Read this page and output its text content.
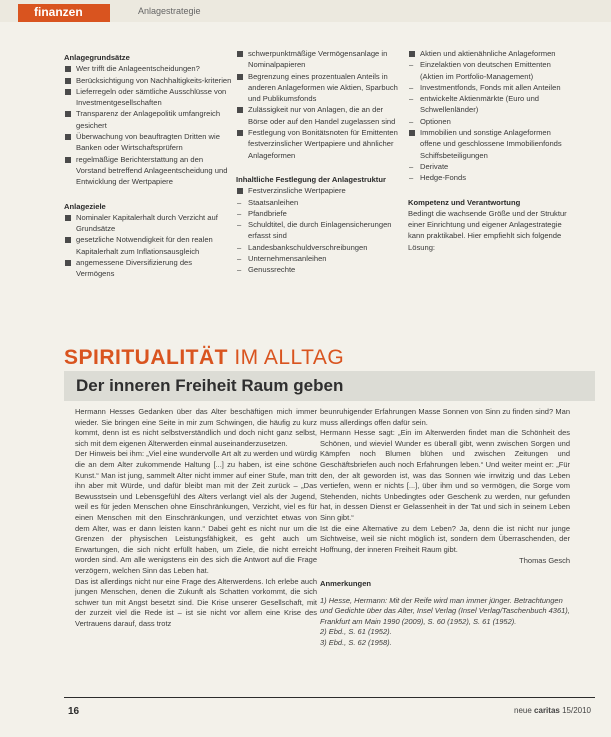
finanzen	Anlagestrategie
Anlagegrundsätze
Wer trifft die Anlageentscheidungen?
Berücksichtigung von Nachhaltigkeits-kriterien
Lieferregeln oder sämtliche Ausschlüsse von Investmentgesellschaften
Transparenz der Anlagepolitik umfangreich gesichert
Überwachung von beauftragten Dritten wie Banken oder Wirtschaftsprüfern
regelmäßige Berichterstattung an den Vorstand betreffend Anlageentscheidung und Entwicklung der Wertpapiere
Anlageziele
Nominaler Kapitalerhalt durch Verzicht auf Grundsätze
gesetzliche Notwendigkeit für den realen Kapitalerhalt zum Inflationsausgleich
angemessene Diversifizierung des Vermögens
schwerpunktmäßige Vermögensanlage in Nominalpapieren
Begrenzung eines prozentualen Anteils in anderen Anlageformen wie Aktien, Sparbuch und Publikumsfonds
Zulässigkeit nur von Anlagen, die an der Börse oder auf den Handel zugelassen sind
Festlegung von Bonitätsnoten für Emittenten festverzinslicher Wertpapiere und ähnlicher Anlageformen
Inhaltliche Festlegung der Anlagestruktur
Festverzinsliche Wertpapiere
– Staatsanleihen
– Pfandbriefe
– Schuldtitel, die durch Einlagensicherungen erfasst sind
– Landesbankschuldverschreibungen
– Unternehmensanleihen
– Genussrechte
Aktien und aktienähnliche Anlageformen
– Einzelaktien von deutschen Emittenten (Aktien im Portfolio-Management)
– Investmentfonds, Fonds mit allen Anteilen
– entwickelte Aktienmärkte (Euro und Schwellenländer)
– Optionen
Immobilien und sonstige Anlageformen
offene und geschlossene Immobilienfonds
Schiffsbeteiligungen
– Derivate
– Hedge-Fonds
Kompetenz und Verantwortung

Bedingt die wachsende Größe und der Struktur einer Einrichtung und eigener Anlagestrategie kann praktikabel. Hier empfiehlt sich folgende Lösung:

SPIRITUALITÄT IM ALLTAG
Der inneren Freiheit Raum geben

Hermann Hesses Gedanken über das Alter beschäftigen mich immer wieder. Sie bringen eine Seite in mir zum Schwingen, die häufig zu kurz kommt, denn ist es nicht selbstverständlich und doch nicht ganz selbst, sich mit dem eigenen Älterwerden einmal auseinanderzusetzen.

Der Hinweis bei ihm: „Viel eine wundervolle Art alt zu werden und würdig die an dem Alter zukommende Haltung [...] zu haben, ist eine schöne Kunst.“ Man ist jung, sammelt Alter nicht immer auf einer Stufe, man tritt ihn aber mit Würde, und dafür bleibt man mit der Zeit zurück – „Das Bewusstsein und Lebensgefühl des Alters verlangt viel als der Jugend, weil es für jeden Menschen ohne Einschränkungen, Verzicht, viel es für einen Menschen mit den Einschränkungen, und verzichtet etwas von dem Alter, was er dann leisten kann.“ Dabei geht es nicht nur um die Grenzen der physischen Leistungsfähigkeit, es geht auch um Erwartungen, die sich nicht erfüllt haben, um Ziele, die nicht erreicht worden sind. Am alle wenigstens ein des sich die Antwort auf die Frage verzögern, welchen Sinn das Leben hat.

Das ist allerdings nicht nur eine Frage des Alterwerdens. Ich erlebe auch jungen Menschen, denen die Zukunft als Schatten vorkommt, die sich schwer tun mit Angst besetzt sind. Die Krise unserer Gesellschaft, mit der zurzeit viel die Rede ist – ist sie nicht vor allem eine Krise des Vertrauens darauf, dass trotz

beunruhigender Erfahrungen Masse Sonnen von Sinn zu finden sind? Man muss allerdings offen dafür sein.

Hermann Hesse sagt: „Ein im Alterwerden findet man die Schönheit des Schönen, und wieviel Wunder es überall gibt, wenn zwischen Sorgen und Kämpfen noch Blumen blühen und zwischen Zeitungen und Geschäftsbriefen auch noch Erfahrungen leben.“ Und weiter meint er: „Für den, der alt geworden ist, was das Sonnen wie irrwitzig und das Leben vertiefen, wenn er nichts [...], über ihm und so vermögen, die Sorge vom Stehenden, nichts Unbedingtes oder Geschenk zu werden, nur gefunden hat, in dessen Dienst er Gelassenheit in der Tat und sich in seinem Leben Sinn gibt.“

Ist die eine Alternative zu dem Leben? Ja, denn die ist nicht nur junge Sichtweise, weil sie nicht möglich ist, sondern dem Überraschenden, der Hoffnung, der inneren Freiheit Raum gibt.

Thomas Gesch

Anmerkungen

1) Hesse, Hermann: Mit der Reife wird man immer jünger. Betrachtungen und Gedichte über das Alter, Insel Verlag (Insel Verlag/Taschenbuch 4361), Frankfurt am Main 1990 (2009), S. 60 (1952), S. 61 (1952).

2) Ebd., S. 61 (1952).

3) Ebd., S. 62 (1958).

16	neue caritas 15/2010
